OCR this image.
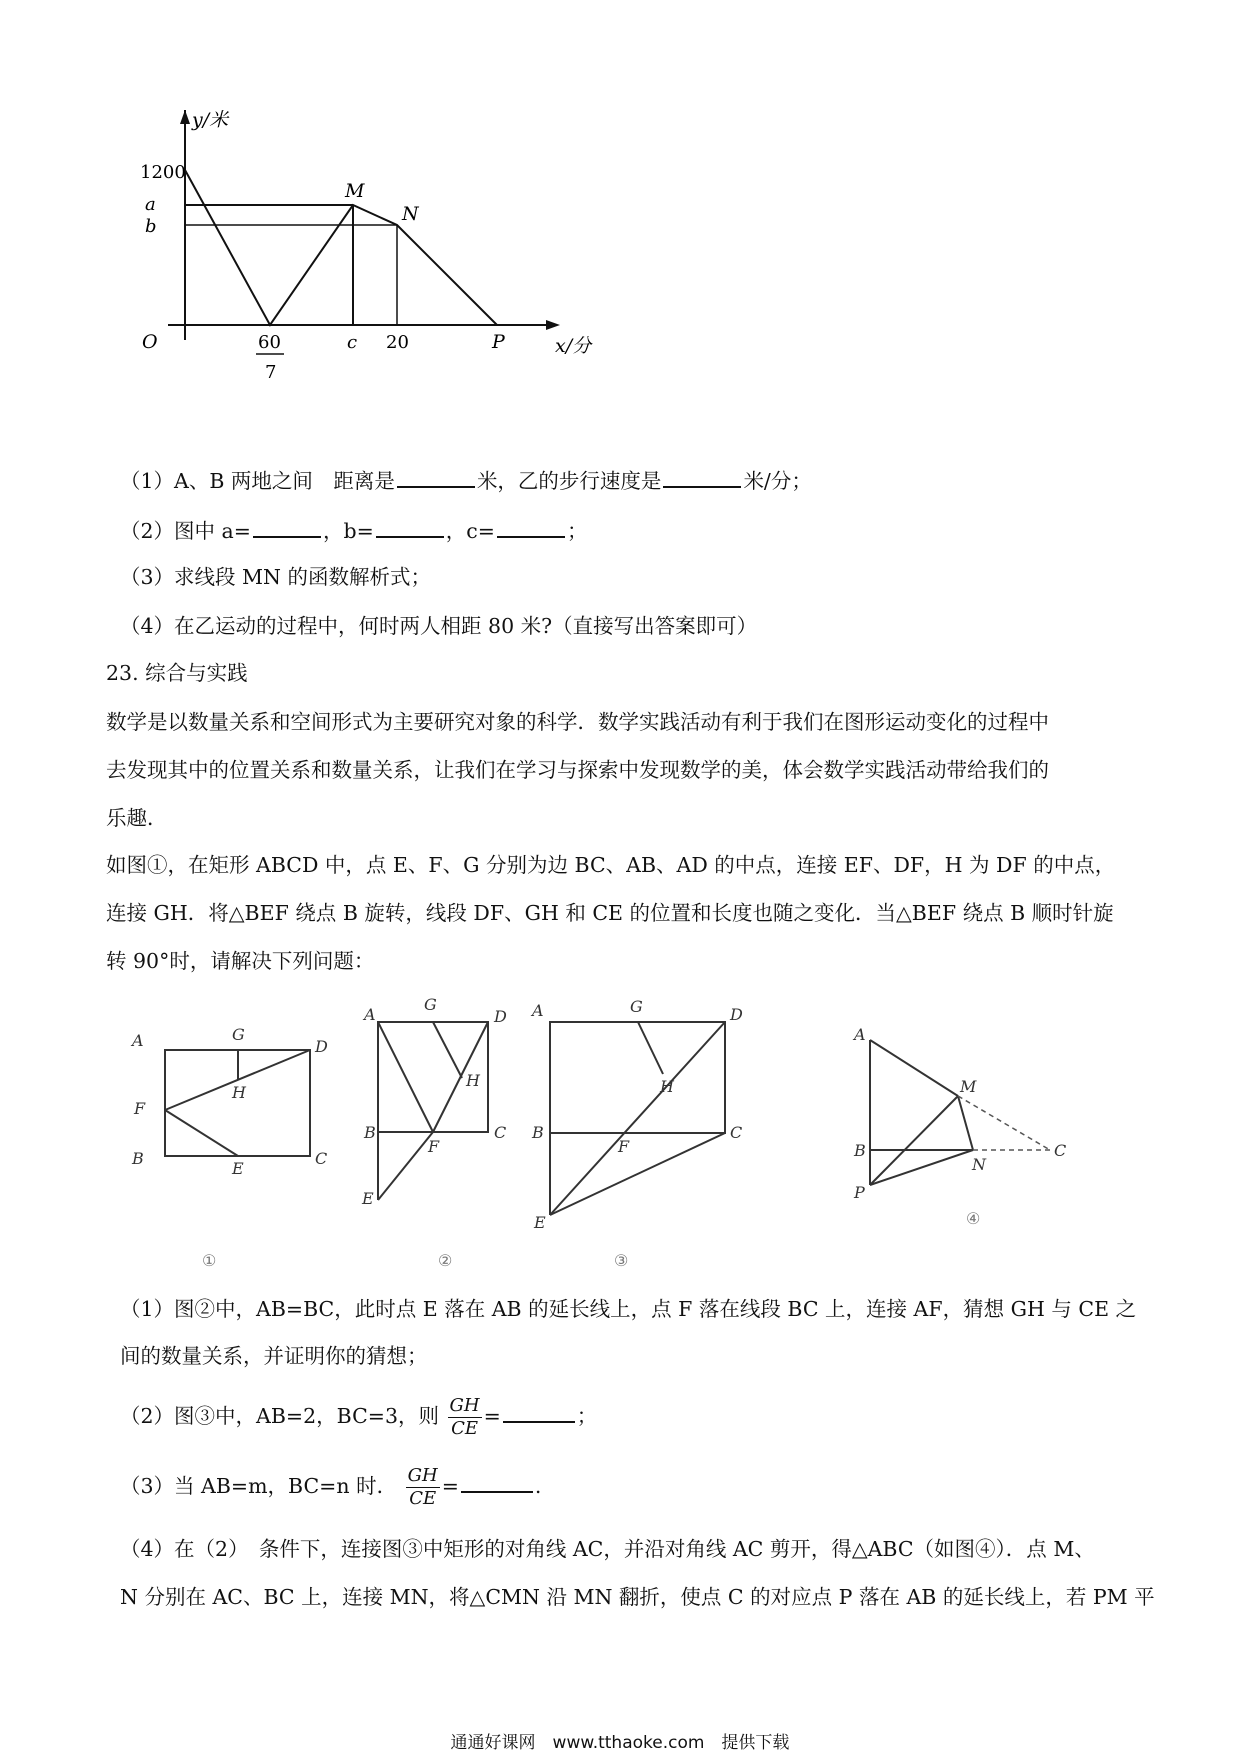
y/米
x/分
1200
a
b
O	60
7
c 20
M
N
P
（1）A、B 两地之间　距离是	米，乙的步行速度是	米/分；
（2）图中 a=	，b=	，c=	；
（3）求线段 MN 的函数解析式；
（4）在乙运动的过程中，何时两人相距 80 米?（直接写出答案即可）
23. 综合与实践
数学是以数量关系和空间形式为主要研究对象的科学．数学实践活动有利于我们在图形运动变化的过程中
去发现其中的位置关系和数量关系，让我们在学习与探索中发现数学的美，体会数学实践活动带给我们的
乐趣．
如图①，在矩形 ABCD 中，点 E、F、G 分别为边 BC、AB、AD 的中点，连接 EF、DF，H 为 DF 的中点，
连接 GH．将△BEF 绕点 B 旋转，线段 DF、GH 和 CE 的位置和长度也随之变化．当△BEF 绕点 B 顺时针旋
转 90°时，请解决下列问题：
A	G
D
H
F
B
E
C
A
G
D
H
B
F
C
E
A	G	D
H
B
F
C
E
A
M
B
N
C
P
①	②	③
④
（1）图②中，AB=BC，此时点 E 落在 AB 的延长线上，点 F 落在线段 BC 上，连接 AF，猜想 GH 与 CE 之
间的数量关系，并证明你的猜想；
（2）图③中，AB=2，BC=3，则 $\frac{GH}{CE}$ =	；
（3）当 AB=m，BC=n 时． $\frac{GH}{CE}$ =	.
（4）在（2）　条件下，连接图③中矩形的对角线 AC，并沿对角线 AC 剪开，得△ABC（如图④）．点 M、
N 分别在 AC、BC 上，连接 MN，将△CMN 沿 MN 翻折，使点 C 的对应点 P 落在 AB 的延长线上，若 PM 平
通通好课网　www.tthaoke.com　提供下载
